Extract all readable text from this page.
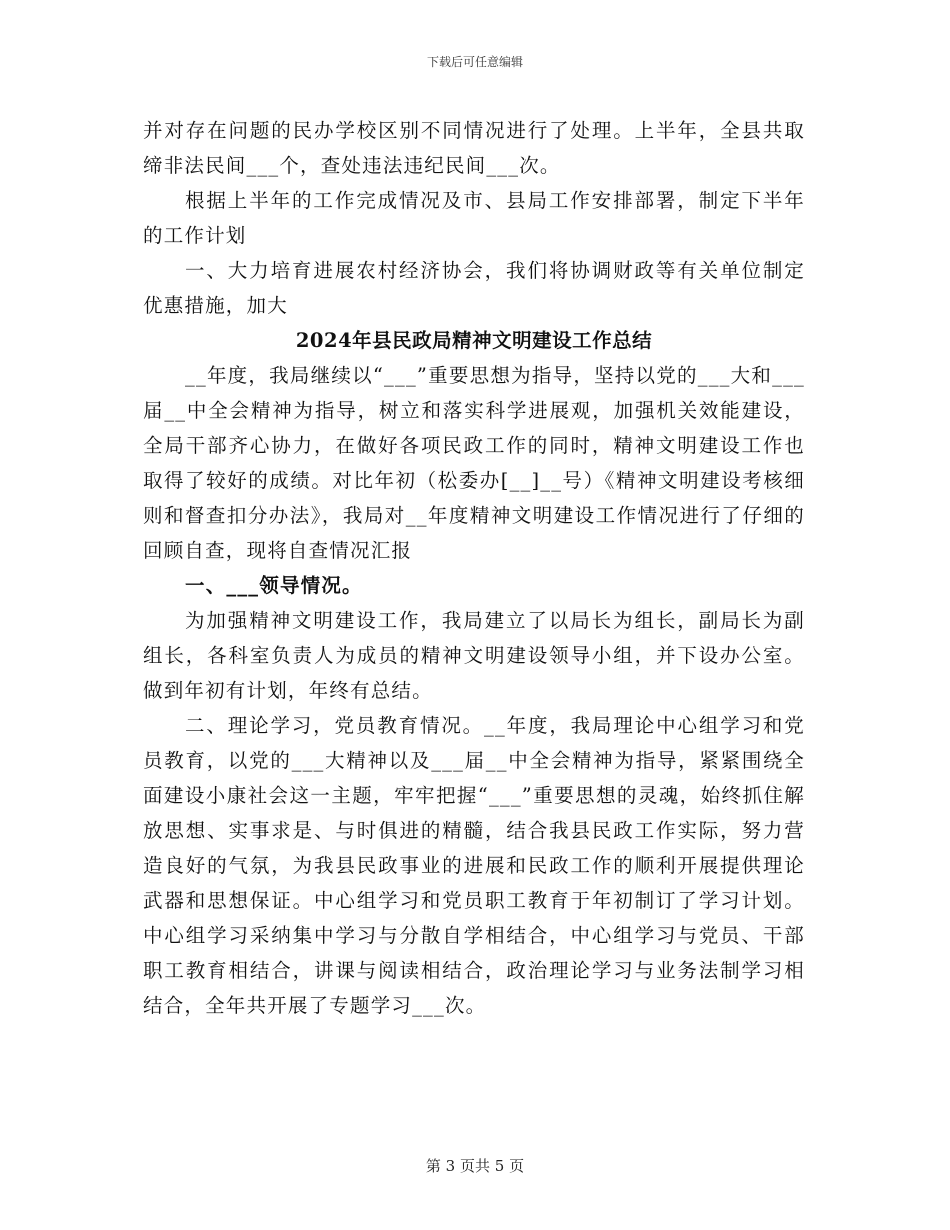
下载后可任意编辑

并对存在问题的民办学校区别不同情况进行了处理。上半年，全县共取缔非法民间___个，查处违法违纪民间___次。

根据上半年的工作完成情况及市、县局工作安排部署，制定下半年的工作计划

一、大力培育进展农村经济协会，我们将协调财政等有关单位制定优惠措施，加大

2024年县民政局精神文明建设工作总结

__年度，我局继续以“___”重要思想为指导，坚持以党的___大和___届__中全会精神为指导，树立和落实科学进展观，加强机关效能建设，全局干部齐心协力，在做好各项民政工作的同时，精神文明建设工作也取得了较好的成绩。对比年初（松委办[__]__号）《精神文明建设考核细则和督查扣分办法》，我局对__年度精神文明建设工作情况进行了仔细的回顾自查，现将自查情况汇报

一、___领导情况。

为加强精神文明建设工作，我局建立了以局长为组长，副局长为副组长，各科室负责人为成员的精神文明建设领导小组，并下设办公室。做到年初有计划，年终有总结。

二、理论学习，党员教育情况。__年度，我局理论中心组学习和党员教育，以党的___大精神以及___届__中全会精神为指导，紧紧围绕全面建设小康社会这一主题，牢牢把握“___”重要思想的灵魂，始终抓住解放思想、实事求是、与时俱进的精髓，结合我县民政工作实际，努力营造良好的气氛，为我县民政事业的进展和民政工作的顺利开展提供理论武器和思想保证。中心组学习和党员职工教育于年初制订了学习计划。中心组学习采纳集中学习与分散自学相结合，中心组学习与党员、干部职工教育相结合，讲课与阅读相结合，政治理论学习与业务法制学习相结合，全年共开展了专题学习___次。

第 3 页共 5 页
